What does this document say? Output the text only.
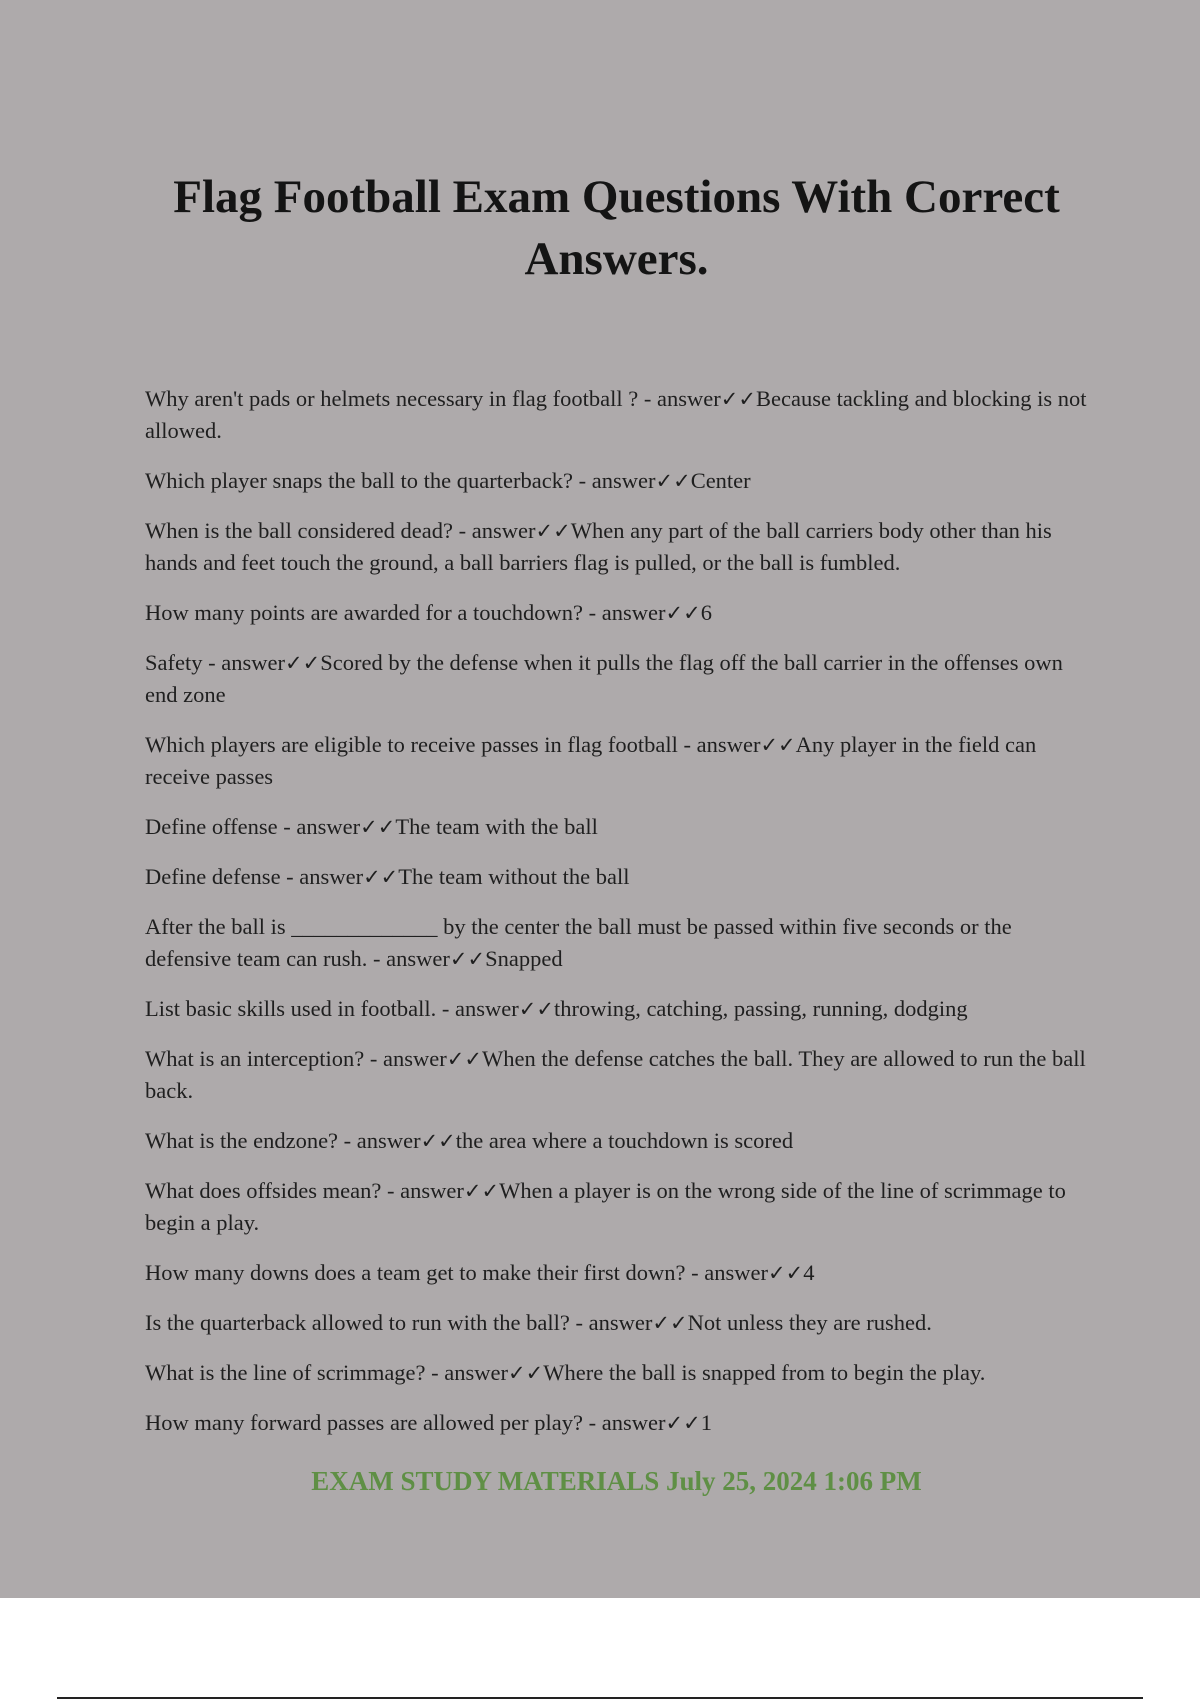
Flag Football Exam Questions With Correct Answers.
Why aren't pads or helmets necessary in flag football ? - answer✓✓Because tackling and blocking is not allowed.
Which player snaps the ball to the quarterback? - answer✓✓Center
When is the ball considered dead? - answer✓✓When any part of the ball carriers body other than his hands and feet touch the ground, a ball barriers flag is pulled, or the ball is fumbled.
How many points are awarded for a touchdown? - answer✓✓6
Safety - answer✓✓Scored by the defense when it pulls the flag off the ball carrier in the offenses own end zone
Which players are eligible to receive passes in flag football - answer✓✓Any player in the field can receive passes
Define offense - answer✓✓The team with the ball
Define defense - answer✓✓The team without the ball
After the ball is _____________ by the center the ball must be passed within five seconds or the defensive team can rush. - answer✓✓Snapped
List basic skills used in football. - answer✓✓throwing, catching, passing, running, dodging
What is an interception? - answer✓✓When the defense catches the ball. They are allowed to run the ball back.
What is the endzone? - answer✓✓the area where a touchdown is scored
What does offsides mean? - answer✓✓When a player is on the wrong side of the line of scrimmage to begin a play.
How many downs does a team get to make their first down? - answer✓✓4
Is the quarterback allowed to run with the ball? - answer✓✓Not unless they are rushed.
What is the line of scrimmage? - answer✓✓Where the ball is snapped from to begin the play.
How many forward passes are allowed per play? - answer✓✓1
EXAM STUDY MATERIALS July 25, 2024 1:06 PM
